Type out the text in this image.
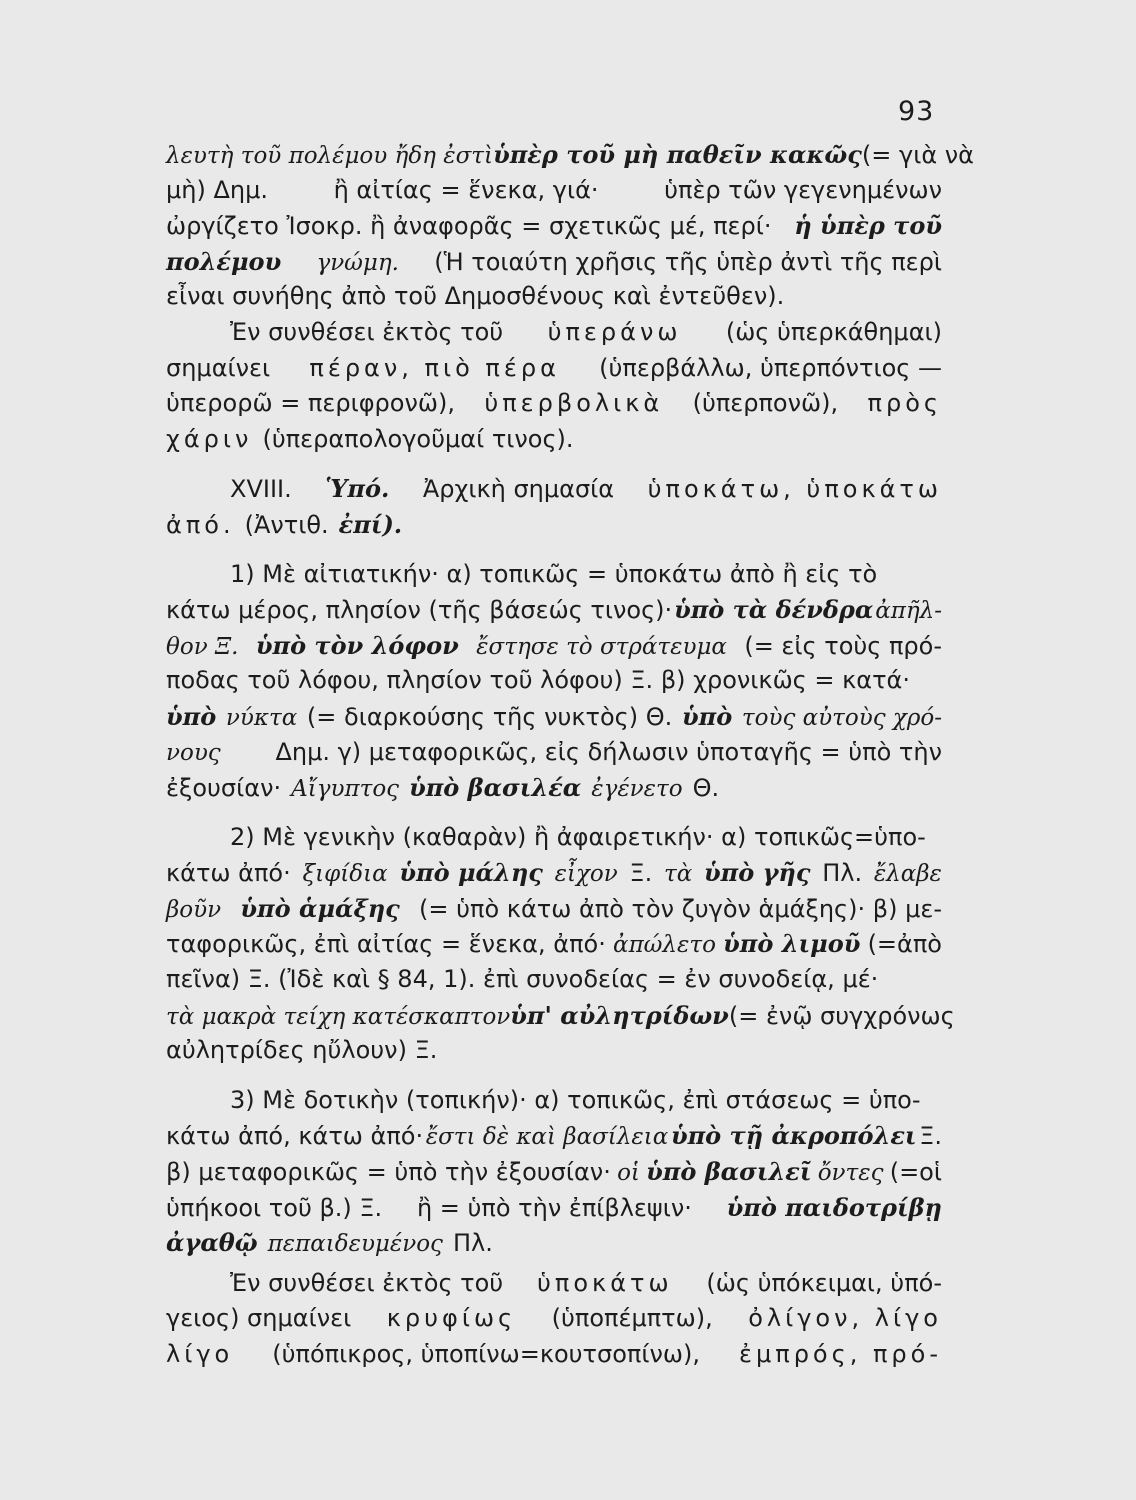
93
λευτὴ τοῦ πολέμου ἤδη ἐστὶ ὑπὲρ τοῦ μὴ παθεῖν κακῶς (= γιὰ νὰ
μὴ) Δημ.	ἢ αἰτίας = ἕνεκα, γιά·	ὑπὲρ τῶν γεγενημένων
ὠργίζετο Ἰσοκρ. ἢ ἀναφορᾶς = σχετικῶς μέ, περί· ἡ ὑπὲρ τοῦ
πολέμου γνώμη. (Ἡ τοιαύτη χρῆσις τῆς ὑπὲρ ἀντὶ τῆς περὶ
εἶναι συνήθης ἀπὸ τοῦ Δημοσθένους καὶ ἐντεῦθεν).
Ἐν συνθέσει ἐκτὸς τοῦ ὑπεράνω (ὡς ὑπερκάθημαι)
σημαίνει πέραν, πιὸ πέρα (ὑπερβάλλω, ὑπερπόντιος —
ὑπερορῶ = περιφρονῶ), ὑπερβολικὰ (ὑπερπονῶ), πρὸς
χάριν (ὑπεραπολογοῦμαί τινος).
XVIII. Ὑπό. Ἀρχικὴ σημασία ὑποκάτω, ὑποκάτω
ἀπό. (Ἀντιθ. ἐπί).
1) Μὲ αἰτιατικήν· α) τοπικῶς = ὑποκάτω ἀπὸ ἢ εἰς τὸ
κάτω μέρος, πλησίον (τῆς βάσεώς τινος)· ὑπὸ τὰ δένδρα ἀπῆλ-
θον Ξ. ὑπὸ τὸν λόφον ἔστησε τὸ στράτευμα (= εἰς τοὺς πρό-
ποδας τοῦ λόφου, πλησίον τοῦ λόφου) Ξ. β) χρονικῶς = κατά·
ὑπὸ νύκτα (= διαρκούσης τῆς νυκτὸς) Θ. ὑπὸ τοὺς αὐτοὺς χρό-
νους Δημ. γ) μεταφορικῶς, εἰς δήλωσιν ὑποταγῆς = ὑπὸ τὴν
ἐξουσίαν· Αἴγυπτος ὑπὸ βασιλέα ἐγένετο Θ.
2) Μὲ γενικὴν (καθαρὰν) ἢ ἀφαιρετικήν· α) τοπικῶς=ὑπο-
κάτω ἀπό· ξιφίδια ὑπὸ μάλης εἶχον Ξ. τὰ ὑπὸ γῆς Πλ. ἔλαβε
βοῦν ὑπὸ ἁμάξης (= ὑπὸ κάτω ἀπὸ τὸν ζυγὸν ἁμάξης)· β) με-
ταφορικῶς, ἐπὶ αἰτίας = ἕνεκα, ἀπό· ἀπώλετο ὑπὸ λιμοῦ (=ἀπὸ
πεῖνα) Ξ. (Ἰδὲ καὶ § 84, 1). ἐπὶ συνοδείας = ἐν συνοδείᾳ, μέ·
τὰ μακρὰ τείχη κατέσκαπτον ὑπ' αὐλητρίδων (= ἐνῷ συγχρόνως
αὐλητρίδες ηὔλουν) Ξ.
3) Μὲ δοτικὴν (τοπικήν)· α) τοπικῶς, ἐπὶ στάσεως = ὑπο-
κάτω ἀπό, κάτω ἀπό· ἔστι δὲ καὶ βασίλεια ὑπὸ τῇ ἀκροπόλει Ξ.
β) μεταφορικῶς = ὑπὸ τὴν ἐξουσίαν· οἱ ὑπὸ βασιλεῖ ὄντες (=οἱ
ὑπήκοοι τοῦ β.) Ξ. ἢ = ὑπὸ τὴν ἐπίβλεψιν· ὑπὸ παιδοτρίβῃ
ἀγαθῷ πεπαιδευμένος Πλ.
Ἐν συνθέσει ἐκτὸς τοῦ ὑποκάτω (ὡς ὑπόκειμαι, ὑπό-
γειος) σημαίνει κρυφίως (ὑποπέμπτω), ὀλίγον, λίγο
λίγο (ὑπόπικρος, ὑποπίνω=κουτσοπίνω), ἐμπρός, πρό-
